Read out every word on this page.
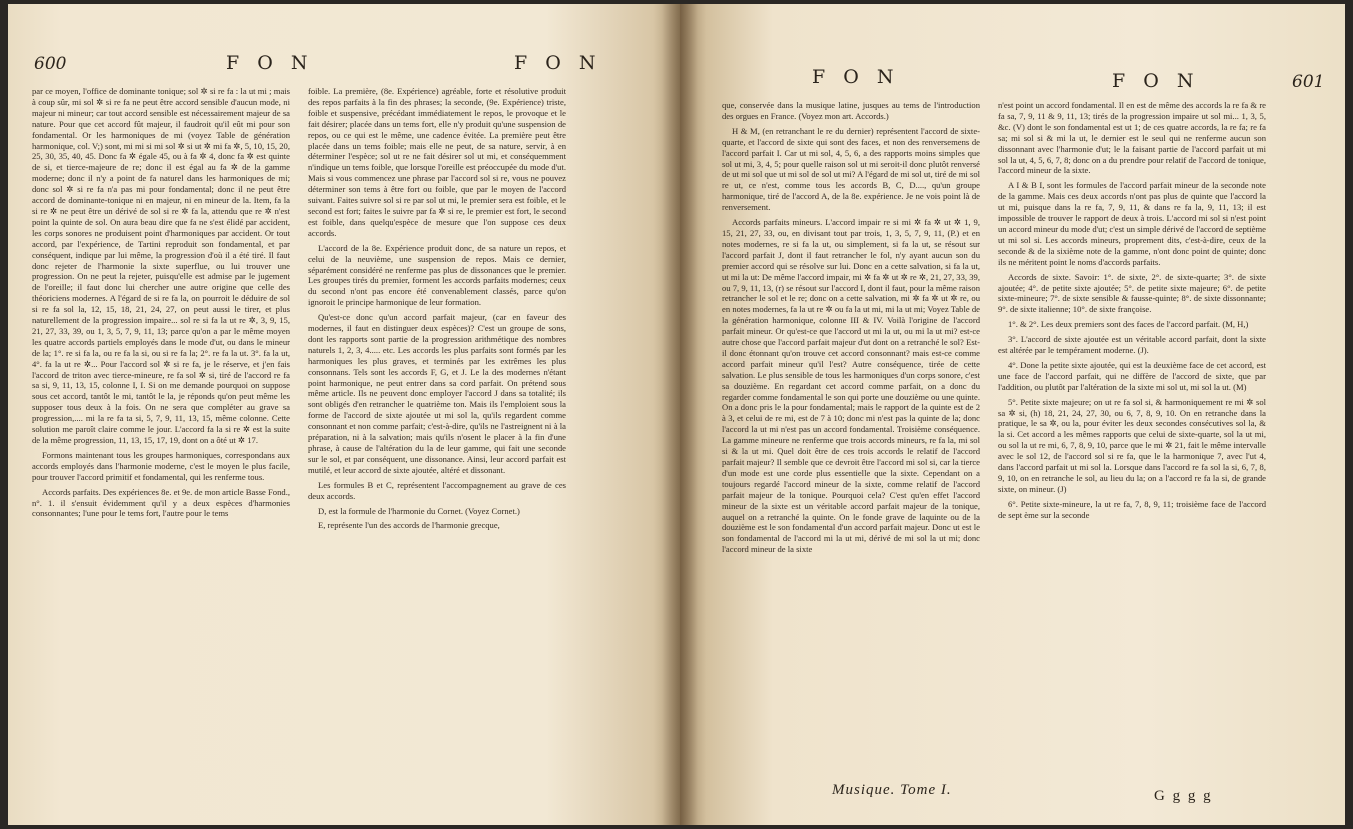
600	F O N	F O N

par ce moyen, l'office de dominante tonique; sol ✲ si re fa : la ut mi ; mais à coup sûr, mi sol ✲ si re fa ne peut être accord sensible d'aucun mode, ni majeur ni mineur; car tout accord sensible est nécessairement majeur de sa nature. Pour que cet accord fût majeur, il faudroit qu'il eût mi pour son fondamental. Or les harmoniques de mi (voyez Table de génération harmonique, col. V;) sont, mi mi si mi sol ✲ si ut ✲ mi fa ✲, 5, 10, 15, 20, 25, 30, 35, 40, 45. Donc fa ✲ égale 45, ou à fa ✲ 4, donc fa ✲ est quinte de si, et tierce-majeure de re; donc il est égal au fa ✲ de la gamme moderne; donc il n'y a point de fa naturel dans les harmoniques de mi; donc sol ✲ si re fa n'a pas mi pour fondamental; donc il ne peut être accord de dominante-tonique ni en majeur, ni en mineur de la. Item, fa la si re ✲ ne peut être un dérivé de sol si re ✲ fa la, attendu que re ✲ n'est point la quinte de sol. On aura beau dire que fa ne s'est élidé par accident, les corps sonores ne produisent point d'harmoniques par accident. Or tout accord, par l'expérience, de Tartini reproduit son fondamental, et par conséquent, indique par lui même, la progression d'où il a été tiré. Il faut donc rejeter de l'harmonie la sixte superflue, ou lui trouver une progression. On ne peut la rejeter, puisqu'elle est admise par le jugement de l'oreille; il faut donc lui chercher une autre origine que celle des théoriciens modernes. A l'égard de si re fa la, on pourroit le déduire de sol si re fa sol la, 12, 15, 18, 21, 24, 27, on peut aussi le tirer, et plus naturellement de la progression impaire... sol re si fa la ut re ✲, 3, 9, 15, 21, 27, 33, 39, ou 1, 3, 5, 7, 9, 11, 13; parce qu'on a par le même moyen les quatre accords partiels employés dans le mode d'ut, ou dans le mineur de la; 1°. re si fa la, ou re fa la si, ou si re fa la; 2°. re fa la ut. 3°. fa la ut, 4°. fa la ut re ✲... Pour l'accord sol ✲ si re fa, je le réserve, et j'en fais l'accord de triton avec tierce-mineure, re fa sol ✲ si, tiré de l'accord re fa sa si, 9, 11, 13, 15, colonne I, I. Si on me demande pourquoi on suppose sous cet accord, tantôt le mi, tantôt le la, je réponds qu'on peut même les supposer tous deux à la fois. On ne sera que compléter au grave sa progression,.... mi la re fa ta si, 5, 7, 9, 11, 13, 15, même colonne. Cette solution me paroît claire comme le jour. L'accord fa la si re ✲ est la suite de la même progression, 11, 13, 15, 17, 19, dont on a ôté ut ✲ 17.

Formons maintenant tous les groupes harmoniques, correspondans aux accords employés dans l'harmonie moderne, c'est le moyen le plus facile, pour trouver l'accord primitif et fondamental, qui les renferme tous.

Accords parfaits. Des expériences 8e. et 9e. de mon article Basse Fond., n°. 1. il s'ensuit évidemment qu'il y a deux espèces d'harmonies consonnantes; l'une pour le tems fort, l'autre pour le tems

foible. La première, (8e. Expérience) agréable, forte et résolutive produit des repos parfaits à la fin des phrases; la seconde, (9e. Expérience) triste, foible et suspensive, précédant immédiatement le repos, le provoque et le fait désirer; placée dans un tems fort, elle n'y produit qu'une suspension de repos, ou ce qui est le même, une cadence évitée. La première peut être placée dans un tems foible; mais elle ne peut, de sa nature, servir, à en déterminer l'espèce; sol ut re ne fait désirer sol ut mi, et conséquemment n'indique un tems foible, que lorsque l'oreille est préoccupée du mode d'ut. Mais si vous commencez une phrase par l'accord sol si re, vous ne pouvez déterminer son tems à être fort ou foible, que par le moyen de l'accord suivant. Faites suivre sol si re par sol ut mi, le premier sera est foible, et le second est fort; faites le suivre par fa ✲ si re, le premier est fort, le second est foible, dans quelqu'espèce de mesure que l'on suppose ces deux accords.

L'accord de la 8e. Expérience produit donc, de sa nature un repos, et celui de la neuvième, une suspension de repos. Mais ce dernier, séparément considéré ne renferme pas plus de dissonances que le premier. Les groupes tirés du premier, forment les accords parfaits modernes; ceux du second n'ont pas encore été convenablement classés, parce qu'on ignoroit le principe harmonique de leur formation.

Qu'est-ce donc qu'un accord parfait majeur, (car en faveur des modernes, il faut en distinguer deux espèces)? C'est un groupe de sons, dont les rapports sont partie de la progression arithmétique des nombres naturels 1, 2, 3, 4..... etc. Les accords les plus parfaits sont formés par les harmoniques les plus graves, et terminés par les extrêmes les plus consonnans. Tels sont les accords F, G, et J. Le la des modernes n'étant point harmonique, ne peut entrer dans sa cord parfait. On prétend sous même article. Ils ne peuvent donc employer l'accord J dans sa totalité; ils sont obligés d'en retrancher le quatrième ton. Mais ils l'emploient sous la forme de l'accord de sixte ajoutée ut mi sol la, qu'ils regardent comme consonnant et non comme parfait; c'est-à-dire, qu'ils ne l'astreignent ni à la préparation, ni à la salvation; mais qu'ils n'osent le placer à la fin d'une phrase, à cause de l'altération du la de leur gamme, qui fait une seconde sur le sol, et par conséquent, une dissonance. Ainsi, leur accord parfait est mutilé, et leur accord de sixte ajoutée, altéré et dissonant.

Les formules B et C, représentent l'accompagnement au grave de ces deux accords.

D, est la formule de l'harmonie du Cornet. (Voyez Cornet.)

E, représente l'un des accords de l'harmonie grecque,

F O N	F O N	601

que, conservée dans la musique latine, jusques au tems de l'introduction des orgues en France. (Voyez mon art. Accords.)

H & M, (en retranchant le re du dernier) représentent l'accord de sixte-quarte, et l'accord de sixte qui sont des faces, et non des renversemens de l'accord parfait I. Car ut mi sol, 4, 5, 6, a des rapports moins simples que sol ut mi, 3, 4, 5; pour quelle raison sol ut mi seroit-il donc plutôt renversé de ut mi sol que ut mi sol de sol ut mi? A l'égard de mi sol ut, tiré de mi sol re ut, ce n'est, comme tous les accords B, C, D...., qu'un groupe harmonique, tiré de l'accord A, de la 8e. expérience. Je ne vois point là de renversement.

Accords parfaits mineurs. L'accord impair re si mi ✲ fa ✲ ut ✲ 1, 9, 15, 21, 27, 33, ou, en divisant tout par trois, 1, 3, 5, 7, 9, 11, (P.) et en notes modernes, re si fa la ut, ou simplement, si fa la ut, se résout sur l'accord parfait J, dont il faut retrancher le fol, n'y ayant aucun son du premier accord qui se résolve sur lui. Donc en a cette salvation, si fa la ut, ut mi la ut: De même l'accord impair, mi ✲ fa ✲ ut ✲ re ✲, 21, 27, 33, 39, ou 7, 9, 11, 13, (r) se résout sur l'accord I, dont il faut, pour la même raison retrancher le sol et le re; donc on a cette salvation, mi ✲ fa ✲ ut ✲ re, ou en notes modernes, fa la ut re ✲ ou fa la ut mi, mi la ut mi; Voyez Table de la génération harmonique, colonne III & IV. Voilà l'origine de l'accord parfait mineur. Or qu'est-ce que l'accord ut mi la ut, ou mi la ut mi? est-ce autre chose que l'accord parfait majeur d'ut dont on a retranché le sol? Est-il donc étonnant qu'on trouve cet accord consonnant? mais est-ce comme accord parfait mineur qu'il l'est? Autre conséquence, tirée de cette salvation. Le plus sensible de tous les harmoniques d'un corps sonore, c'est sa douzième. En regardant cet accord comme parfait, on a donc du regarder comme fondamental le son qui porte une douzième ou une quinte. On a donc pris le la pour fondamental; mais le rapport de la quinte est de 2 à 3, et celui de re mi, est de 7 à 10; donc mi n'est pas la quinte de la; donc l'accord la ut mi n'est pas un accord fondamental. Troisième conséquence. La gamme mineure ne renferme que trois accords mineurs, re fa la, mi sol si & la ut mi. Quel doit être de ces trois accords le relatif de l'accord parfait majeur? Il semble que ce devroit être l'accord mi sol si, car la tierce d'un mode est une corde plus essentielle que la sixte. Cependant on a toujours regardé l'accord mineur de la sixte, comme relatif de l'accord parfait majeur de la tonique. Pourquoi cela? C'est qu'en effet l'accord mineur de la sixte est un véritable accord parfait majeur de la tonique, auquel on a retranché la quinte. On le fonde grave de laquinte ou de la douzième est le son fondamental d'un accord parfait majeur. Donc ut est le son fondamental de l'accord mi la ut mi, dérivé de mi sol la ut mi; donc l'accord mineur de la sixte

n'est point un accord fondamental. Il en est de même des accords la re fa & re fa sa, 7, 9, 11 & 9, 11, 13; tirés de la progression impaire ut sol mi... 1, 3, 5, &c. (V) dont le son fondamental est ut 1; de ces quatre accords, la re fa; re fa sa; mi sol si & mi la ut, le dernier est le seul qui ne renferme aucun son dissonnant avec l'harmonie d'ut; le la faisant partie de l'accord parfait ut mi sol la ut, 4, 5, 6, 7, 8; donc on a du prendre pour relatif de l'accord de tonique, l'accord mineur de la sixte.

A I & B I, sont les formules de l'accord parfait mineur de la seconde note de la gamme. Mais ces deux accords n'ont pas plus de quinte que l'accord la ut mi, puisque dans la re fa, 7, 9, 11, & dans re fa la, 9, 11, 13; il est impossible de trouver le rapport de deux à trois. L'accord mi sol si n'est point un accord mineur du mode d'ut; c'est un simple dérivé de l'accord de septième ut mi sol si. Les accords mineurs, proprement dits, c'est-à-dire, ceux de la seconde & de la sixième note de la gamme, n'ont donc point de quinte; donc ils ne méritent point le noms d'accords parfaits.

Accords de sixte. Savoir: 1°. de sixte, 2°. de sixte-quarte; 3°. de sixte ajoutée; 4°. de petite sixte ajoutée; 5°. de petite sixte majeure; 6°. de petite sixte-mineure; 7°. de sixte sensible & fausse-quinte; 8°. de sixte dissonnante; 9°. de sixte italienne; 10°. de sixte françoise.

1°. & 2°. Les deux premiers sont des faces de l'accord parfait. (M, H,)

3°. L'accord de sixte ajoutée est un véritable accord parfait, dont la sixte est altérée par le tempérament moderne. (J).

4°. Done la petite sixte ajoutée, qui est la deuxième face de cet accord, est une face de l'accord parfait, qui ne diffère de l'accord de sixte, que par l'addition, ou plutôt par l'altération de la sixte mi sol ut, mi sol la ut. (M)

5°. Petite sixte majeure; on ut re fa sol si, & harmoniquement re mi ✲ sol sa ✲ si, (h) 18, 21, 24, 27, 30, ou 6, 7, 8, 9, 10. On en retranche dans la pratique, le sa ✲, ou la, pour éviter les deux secondes consécutives sol la, & la si. Cet accord a les mêmes rapports que celui de sixte-quarte, sol la ut mi, ou sol la ut re mi, 6, 7, 8, 9, 10, parce que le mi ✲ 21, fait le même intervalle avec le sol 12, de l'accord sol si re fa, que le la harmonique 7, avec l'ut 4, dans l'accord parfait ut mi sol la. Lorsque dans l'accord re fa sol la si, 6, 7, 8, 9, 10, on en retranche le sol, au lieu du la; on a l'accord re fa la si, de grande sixte, on mineur. (J)

6°. Petite sixte-mineure, la ut re fa, 7, 8, 9, 11; troisième face de l'accord de sept ème sur la seconde

Musique. Tome I.	G g g g
